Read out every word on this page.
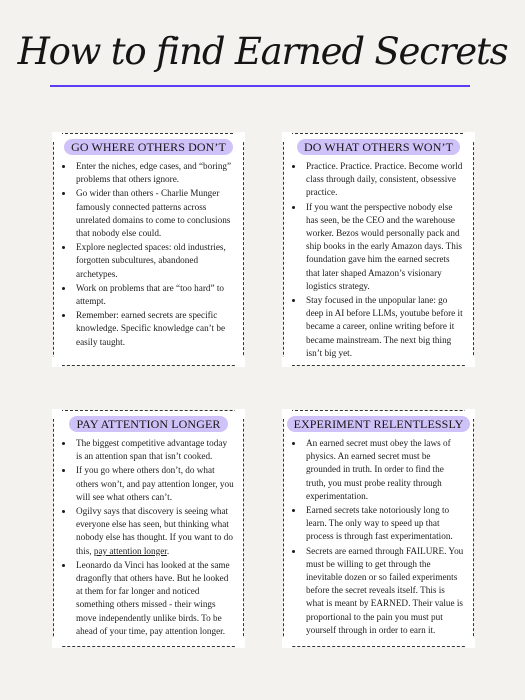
How to find Earned Secrets
GO WHERE OTHERS DON’T
• Enter the niches, edge cases, and “boring” problems that others ignore.
• Go wider than others - Charlie Munger famously connected patterns across unrelated domains to come to conclusions that nobody else could.
• Explore neglected spaces: old industries, forgotten subcultures, abandoned archetypes.
• Work on problems that are “too hard” to attempt.
• Remember: earned secrets are specific knowledge. Specific knowledge can’t be easily taught.
DO WHAT OTHERS WON’T
• Practice. Practice. Practice. Become world class through daily, consistent, obsessive practice.
• If you want the perspective nobody else has seen, be the CEO and the warehouse worker. Bezos would personally pack and ship books in the early Amazon days. This foundation gave him the earned secrets that later shaped Amazon’s visionary logistics strategy.
• Stay focused in the unpopular lane: go deep in AI before LLMs, youtube before it became a career, online writing before it became mainstream. The next big thing isn’t big yet.
PAY ATTENTION LONGER
• The biggest competitive advantage today is an attention span that isn’t cooked.
• If you go where others don’t, do what others won’t, and pay attention longer, you will see what others can’t.
• Ogilvy says that discovery is seeing what everyone else has seen, but thinking what nobody else has thought. If you want to do this, pay attention longer.
• Leonardo da Vinci has looked at the same dragonfly that others have. But he looked at them for far longer and noticed something others missed - their wings move independently unlike birds. To be ahead of your time, pay attention longer.
EXPERIMENT RELENTLESSLY
• An earned secret must obey the laws of physics. An earned secret must be grounded in truth. In order to find the truth, you must probe reality through experimentation.
• Earned secrets take notoriously long to learn. The only way to speed up that process is through fast experimentation.
• Secrets are earned through FAILURE. You must be willing to get through the inevitable dozen or so failed experiments before the secret reveals itself. This is what is meant by EARNED. Their value is proportional to the pain you must put yourself through in order to earn it.
